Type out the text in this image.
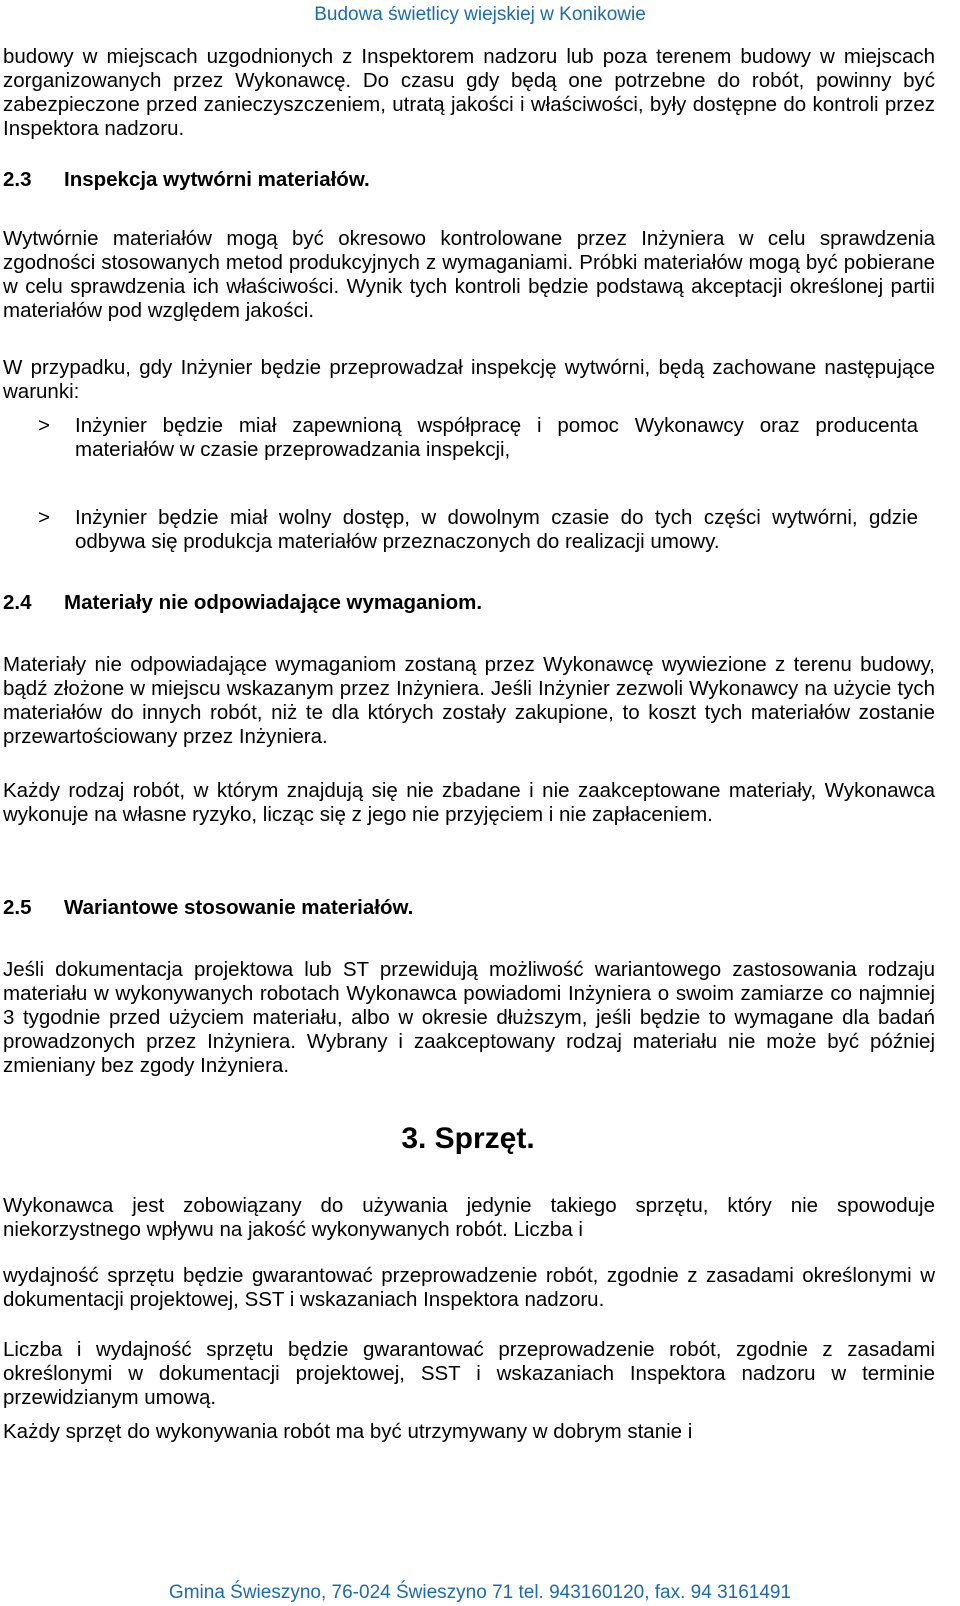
Budowa świetlicy wiejskiej w Konikowie
budowy w miejscach uzgodnionych z Inspektorem nadzoru lub poza terenem budowy w miejscach zorganizowanych przez Wykonawcę. Do czasu gdy będą one potrzebne do robót, powinny być zabezpieczone przed zanieczyszczeniem, utratą jakości i właściwości, były dostępne do kontroli przez Inspektora nadzoru.
2.3 Inspekcja wytwórni materiałów.
Wytwórnie materiałów mogą być okresowo kontrolowane przez Inżyniera w celu sprawdzenia zgodności stosowanych metod produkcyjnych z wymaganiami. Próbki materiałów mogą być pobierane w celu sprawdzenia ich właściwości. Wynik tych kontroli będzie podstawą akceptacji określonej partii materiałów pod względem jakości.
W przypadku, gdy Inżynier będzie przeprowadzał inspekcję wytwórni, będą zachowane następujące warunki:
> Inżynier będzie miał zapewnioną współpracę i pomoc Wykonawcy oraz producenta materiałów w czasie przeprowadzania inspekcji,
> Inżynier będzie miał wolny dostęp, w dowolnym czasie do tych części wytwórni, gdzie odbywa się produkcja materiałów przeznaczonych do realizacji umowy.
2.4 Materiały nie odpowiadające wymaganiom.
Materiały nie odpowiadające wymaganiom zostaną przez Wykonawcę wywiezione z terenu budowy, bądź złożone w miejscu wskazanym przez Inżyniera. Jeśli Inżynier zezwoli Wykonawcy na użycie tych materiałów do innych robót, niż te dla których zostały zakupione, to koszt tych materiałów zostanie przewartościowany przez Inżyniera.
Każdy rodzaj robót, w którym znajdują się nie zbadane i nie zaakceptowane materiały, Wykonawca wykonuje na własne ryzyko, licząc się z jego nie przyjęciem i nie zapłaceniem.
2.5 Wariantowe stosowanie materiałów.
Jeśli dokumentacja projektowa lub ST przewidują możliwość wariantowego zastosowania rodzaju materiału w wykonywanych robotach Wykonawca powiadomi Inżyniera o swoim zamiarze co najmniej 3 tygodnie przed użyciem materiału, albo w okresie dłuższym, jeśli będzie to wymagane dla badań prowadzonych przez Inżyniera. Wybrany i zaakceptowany rodzaj materiału nie może być później zmieniany bez zgody Inżyniera.
3. Sprzęt.
Wykonawca jest zobowiązany do używania jedynie takiego sprzętu, który nie spowoduje niekorzystnego wpływu na jakość wykonywanych robót. Liczba i
wydajność sprzętu będzie gwarantować przeprowadzenie robót, zgodnie z zasadami określonymi w dokumentacji projektowej, SST i wskazaniach Inspektora nadzoru.
Liczba i wydajność sprzętu będzie gwarantować przeprowadzenie robót, zgodnie z zasadami określonymi w dokumentacji projektowej, SST i wskazaniach Inspektora nadzoru w terminie przewidzianym umową.
Każdy sprzęt do wykonywania robót ma być utrzymywany w dobrym stanie i
Gmina Świeszyno, 76-024 Świeszyno 71 tel. 943160120, fax. 94 3161491
